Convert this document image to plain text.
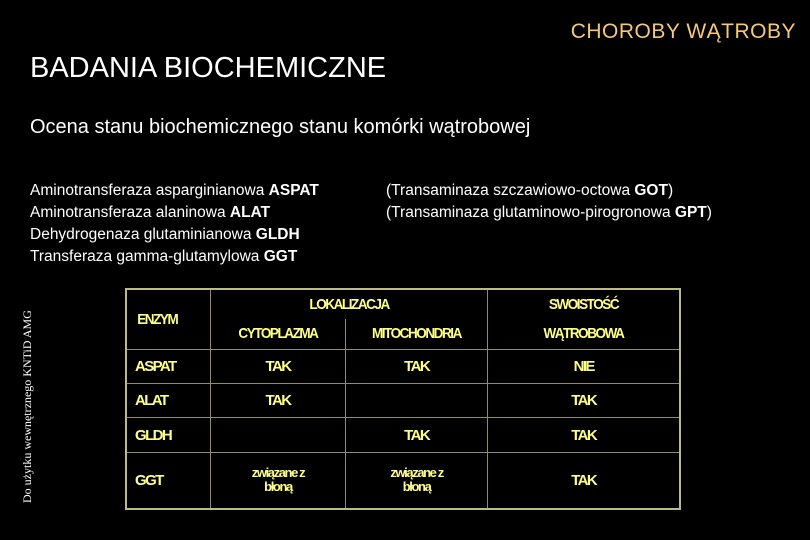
CHOROBY WĄTROBY
BADANIA BIOCHEMICZNE
Ocena stanu biochemicznego stanu komórki wątrobowej
Aminotransferaza asparginianowa ASPAT
Aminotransferaza alaninowa ALAT
Dehydrogenaza glutaminianowa GLDH
Transferaza gamma-glutamylowa GGT
(Transaminaza szczawiowo-octowa GOT)
(Transaminaza glutaminowo-pirogronowa GPT)
Do użytku wewnętrznego KNTiD AMG	ENZYM	LOKALIZACJA		SWOISTOŚĆ
	CYTOPLAZMA	MITOCHONDRIA	WĄTROBOWA
ASPAT	TAK	TAK	NIE
ALAT	TAK		TAK
GLDH		TAK	TAK
GGT	związane z błoną	związane z błoną	TAK
